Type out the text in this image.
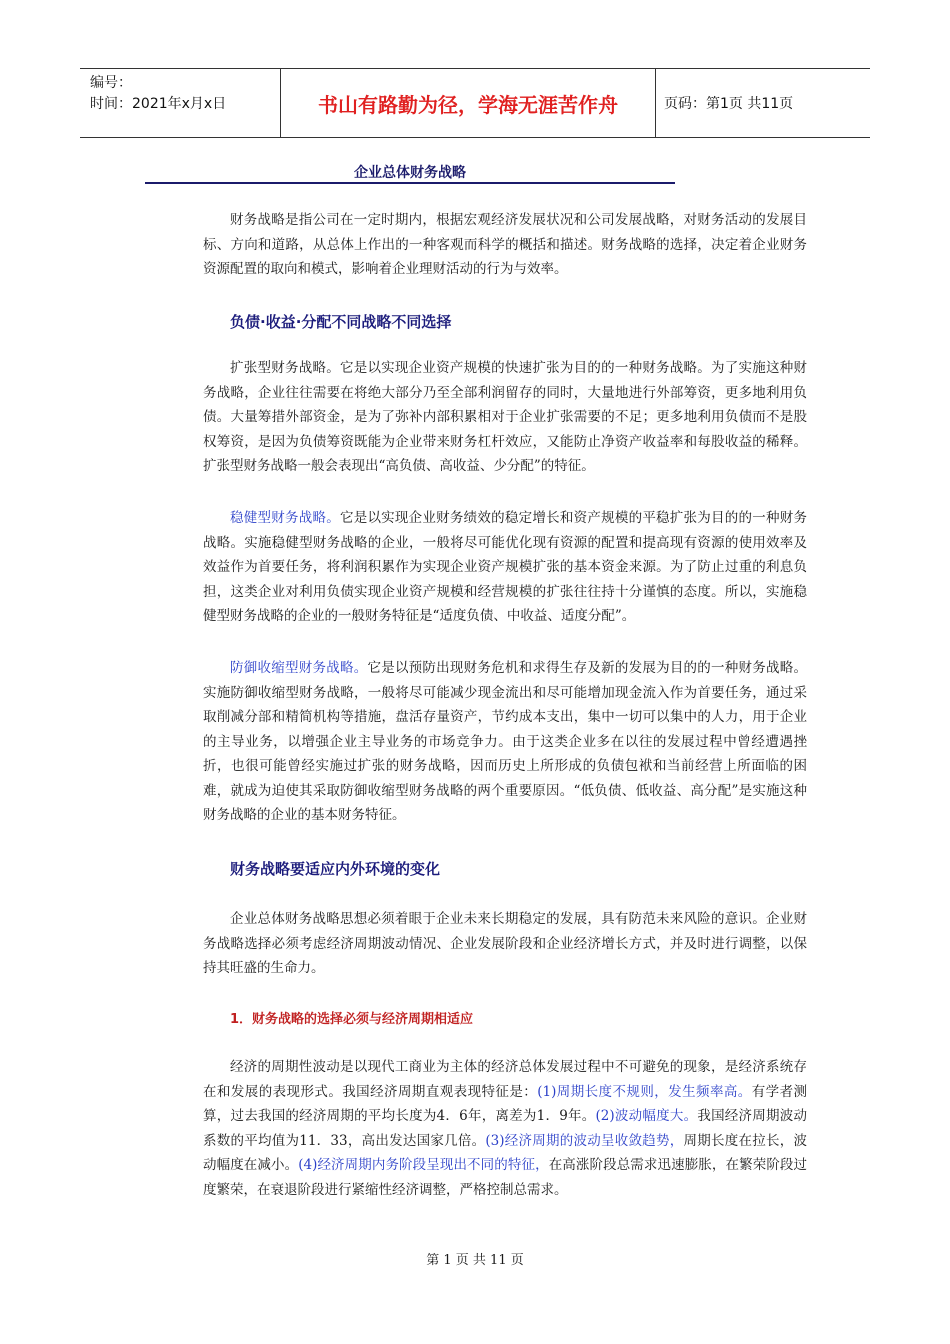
编号：
时间：2021年x月x日	书山有路勤为径，学海无涯苦作舟	页码：第1页 共11页
企业总体财务战略

财务战略是指公司在一定时期内，根据宏观经济发展状况和公司发展战略，对财务活动的发展目标、方向和道路，从总体上作出的一种客观而科学的概括和描述。财务战略的选择，决定着企业财务资源配置的取向和模式，影响着企业理财活动的行为与效率。

负债·收益·分配不同战略不同选择

扩张型财务战略。它是以实现企业资产规模的快速扩张为目的的一种财务战略。为了实施这种财务战略，企业往往需要在将绝大部分乃至全部利润留存的同时，大量地进行外部筹资，更多地利用负债。大量筹措外部资金，是为了弥补内部积累相对于企业扩张需要的不足；更多地利用负债而不是股权筹资，是因为负债筹资既能为企业带来财务杠杆效应，又能防止净资产收益率和每股收益的稀释。扩张型财务战略一般会表现出“高负债、高收益、少分配”的特征。

稳健型财务战略。它是以实现企业财务绩效的稳定增长和资产规模的平稳扩张为目的的一种财务战略。实施稳健型财务战略的企业，一般将尽可能优化现有资源的配置和提高现有资源的使用效率及效益作为首要任务，将利润积累作为实现企业资产规模扩张的基本资金来源。为了防止过重的利息负担，这类企业对利用负债实现企业资产规模和经营规模的扩张往往持十分谨慎的态度。所以，实施稳健型财务战略的企业的一般财务特征是“适度负债、中收益、适度分配”。

防御收缩型财务战略。它是以预防出现财务危机和求得生存及新的发展为目的的一种财务战略。实施防御收缩型财务战略，一般将尽可能减少现金流出和尽可能增加现金流入作为首要任务，通过采取削减分部和精简机构等措施，盘活存量资产，节约成本支出，集中一切可以集中的人力，用于企业的主导业务，以增强企业主导业务的市场竞争力。由于这类企业多在以往的发展过程中曾经遭遇挫折，也很可能曾经实施过扩张的财务战略，因而历史上所形成的负债包袱和当前经营上所面临的困难，就成为迫使其采取防御收缩型财务战略的两个重要原因。“低负债、低收益、高分配”是实施这种财务战略的企业的基本财务特征。

财务战略要适应内外环境的变化

企业总体财务战略思想必须着眼于企业未来长期稳定的发展，具有防范未来风险的意识。企业财务战略选择必须考虑经济周期波动情况、企业发展阶段和企业经济增长方式，并及时进行调整，以保持其旺盛的生命力。

1．财务战略的选择必须与经济周期相适应

经济的周期性波动是以现代工商业为主体的经济总体发展过程中不可避免的现象，是经济系统存在和发展的表现形式。我国经济周期直观表现特征是：(1)周期长度不规则，发生频率高。有学者测算，过去我国的经济周期的平均长度为4．6年，离差为1．9年。(2)波动幅度大。我国经济周期波动系数的平均值为11．33，高出发达国家几倍。(3)经济周期的波动呈收敛趋势，周期长度在拉长，波动幅度在减小。(4)经济周期内务阶段呈现出不同的特征，在高涨阶段总需求迅速膨胀，在繁荣阶段过度繁荣，在衰退阶段进行紧缩性经济调整，严格控制总需求。

第 1 页 共 11 页
